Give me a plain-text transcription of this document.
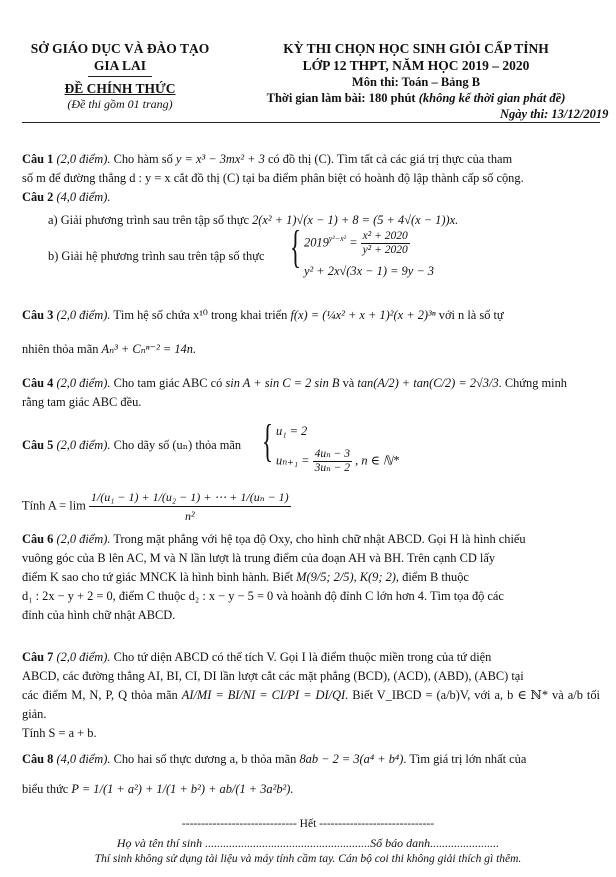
SỞ GIÁO DỤC VÀ ĐÀO TẠO
GIA LAI
ĐỀ CHÍNH THỨC
(Đề thi gồm 01 trang)
KỲ THI CHỌN HỌC SINH GIỎI CẤP TỈNH
LỚP 12 THPT, NĂM HỌC 2019 – 2020
Môn thi: Toán – Bảng B
Thời gian làm bài: 180 phút (không kể thời gian phát đề)
Ngày thi: 13/12/2019
Câu 1 (2,0 điểm). Cho hàm số y = x³ − 3mx² + 3 có đồ thị (C). Tìm tất cả các giá trị thực của tham
số m để đường thẳng d : y = x cắt đồ thị (C) tại ba điểm phân biệt có hoành độ lập thành cấp số cộng.
Câu 2 (4,0 điểm).
a) Giải phương trình sau trên tập số thực 2(x² + 1)√(x − 1) + 8 = (5 + 4√(x − 1))x.
b) Giải hệ phương trình sau trên tập số thực { $2019^{y^2-x^2} = \frac{\text{x² + 2020}}{\text{y² + 2020}}$
y² + 2x√(3x − 1) = 9y − 3
Câu 3 (2,0 điểm). Tìm hệ số chứa x¹⁰ trong khai triển f(x) = (¼x² + x + 1)²(x + 2)³ⁿ với n là số tự
nhiên thỏa mãn Aₙ³ + Cₙⁿ⁻² = 14n.
Câu 4 (2,0 điểm). Cho tam giác ABC có sin A + sin C = 2 sin B và tan(A/2) + tan(C/2) = 2√3/3. Chứng minh
rằng tam giác ABC đều.
Câu 5 (2,0 điểm). Cho dãy số (uₙ) thỏa mãn { u₁ = 2
$u_{n+1} = \frac{\text{4uₙ − 3}}{\text{3uₙ − 2}}$ , n ∈ ℕ*
Tính $A = \lim \frac{\text{1/(u₁ − 1) + 1/(u₂ − 1) + ⋯ + 1/(uₙ − 1)}}{\text{n²}}$
Câu 6 (2,0 điểm). Trong mặt phẳng với hệ tọa độ Oxy, cho hình chữ nhật ABCD. Gọi H là hình chiếu
vuông góc của B lên AC, M và N lần lượt là trung điểm của đoạn AH và BH. Trên cạnh CD lấy
điểm K sao cho tứ giác MNCK là hình bình hành. Biết M(9/5; 2/5), K(9; 2), điểm B thuộc
d₁ : 2x − y + 2 = 0, điểm C thuộc d₂ : x − y − 5 = 0 và hoành độ đỉnh C lớn hơn 4. Tìm tọa độ các
đỉnh của hình chữ nhật ABCD.
Câu 7 (2,0 điểm). Cho tứ diện ABCD có thể tích V. Gọi I là điểm thuộc miền trong của tứ diện
ABCD, các đường thẳng AI, BI, CI, DI lần lượt cắt các mặt phẳng (BCD), (ACD), (ABD), (ABC) tại
các điểm M, N, P, Q thỏa mãn AI/MI = BI/NI = CI/PI = DI/QI. Biết V_IBCD = (a/b)V, với a, b ∈ ℕ* và a/b tối giản.
Tính S = a + b.
Câu 8 (4,0 điểm). Cho hai số thực dương a, b thỏa mãn 8ab − 2 = 3(a⁴ + b⁴). Tìm giá trị lớn nhất của
biểu thức P = 1/(1 + a²) + 1/(1 + b²) + ab/(1 + 3a²b²).
------------------------------ Hết ------------------------------
Họ và tên thí sinh .......................................................Số báo danh.......................
Thí sinh không sử dụng tài liệu và máy tính cầm tay. Cán bộ coi thi không giải thích gì thêm.
